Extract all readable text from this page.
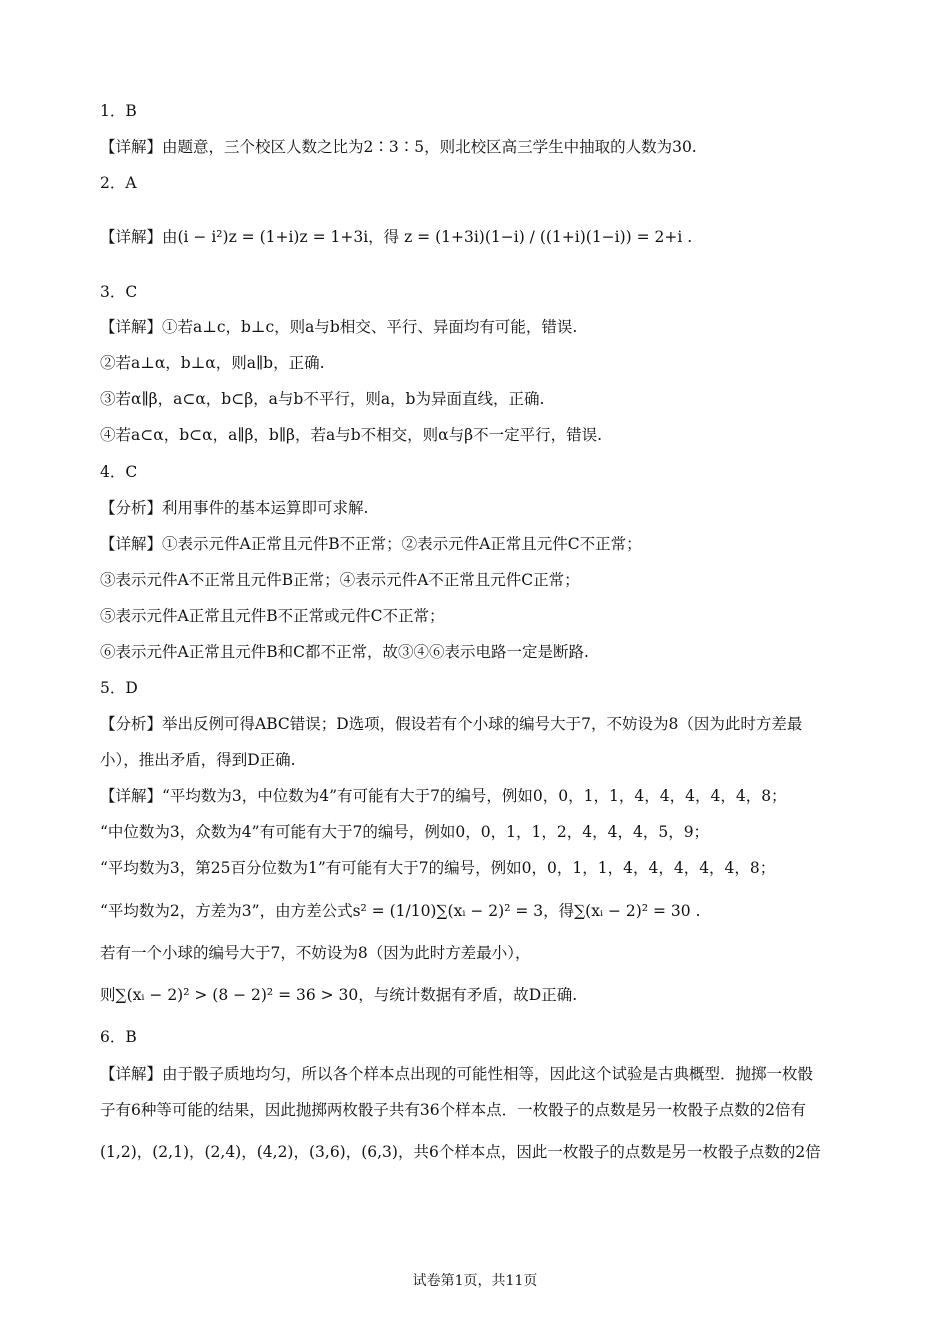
1．B
【详解】由题意，三个校区人数之比为2∶3∶5，则北校区高三学生中抽取的人数为30.
2．A
【详解】由(i − i²)z = (1+i)z = 1+3i，得 z = (1+3i)(1−i) / ((1+i)(1−i)) = 2+i .
3．C
【详解】①若a⊥c，b⊥c，则a与b相交、平行、异面均有可能，错误.
②若a⊥α，b⊥α，则a∥b，正确.
③若α∥β，a⊂α，b⊂β，a与b不平行，则a，b为异面直线，正确.
④若a⊂α，b⊂α，a∥β，b∥β，若a与b不相交，则α与β不一定平行，错误.
4．C
【分析】利用事件的基本运算即可求解.
【详解】①表示元件A正常且元件B不正常；②表示元件A正常且元件C不正常；
③表示元件A不正常且元件B正常；④表示元件A不正常且元件C正常；
⑤表示元件A正常且元件B不正常或元件C不正常；
⑥表示元件A正常且元件B和C都不正常，故③④⑥表示电路一定是断路.
5．D
【分析】举出反例可得ABC错误；D选项，假设若有个小球的编号大于7，不妨设为8（因为此时方差最
小），推出矛盾，得到D正确.
【详解】“平均数为3，中位数为4”有可能有大于7的编号，例如0，0，1，1，4，4，4，4，4，8；
“中位数为3，众数为4”有可能有大于7的编号，例如0，0，1，1，2，4，4，4，5，9；
“平均数为3，第25百分位数为1”有可能有大于7的编号，例如0，0，1，1，4，4，4，4，4，8；
“平均数为2，方差为3”，由方差公式s² = (1/10)∑(xᵢ − 2)² = 3，得∑(xᵢ − 2)² = 30 .
若有一个小球的编号大于7，不妨设为8（因为此时方差最小），
则∑(xᵢ − 2)² > (8 − 2)² = 36 > 30，与统计数据有矛盾，故D正确.
6．B
【详解】由于骰子质地均匀，所以各个样本点出现的可能性相等，因此这个试验是古典概型．抛掷一枚骰
子有6种等可能的结果，因此抛掷两枚骰子共有36个样本点．一枚骰子的点数是另一枚骰子点数的2倍有
(1,2)，(2,1)，(2,4)，(4,2)，(3,6)，(6,3)，共6个样本点，因此一枚骰子的点数是另一枚骰子点数的2倍
试卷第1页，共11页
